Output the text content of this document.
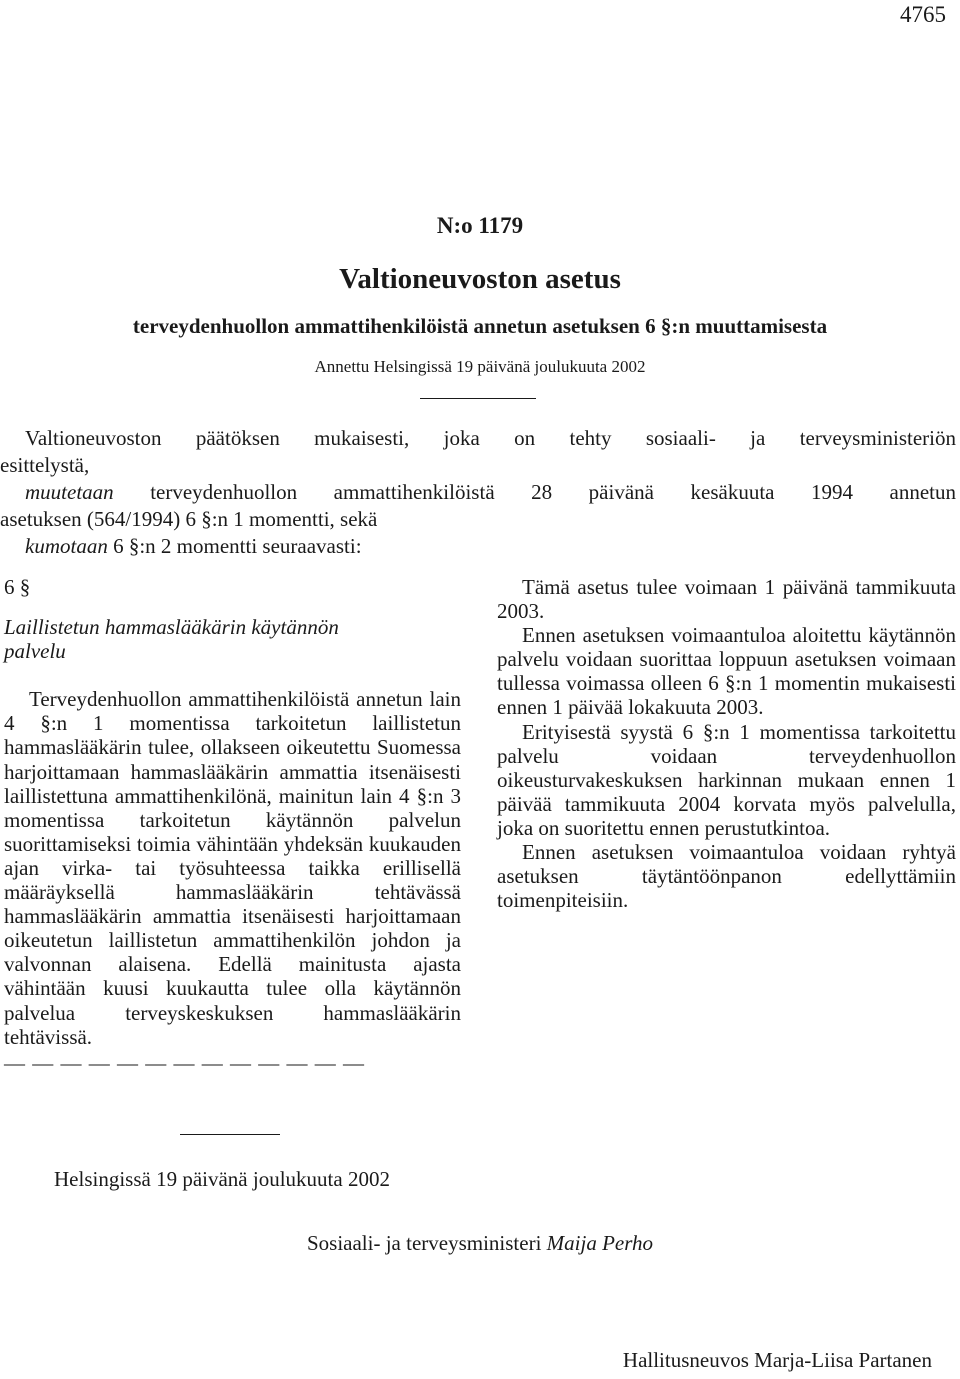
4765
N:o 1179
Valtioneuvoston asetus
terveydenhuollon ammattihenkilöistä annetun asetuksen 6 §:n muuttamisesta
Annettu Helsingissä 19 päivänä joulukuuta 2002

Valtioneuvoston päätöksen mukaisesti, joka on tehty sosiaali- ja terveysministeriön

esittelystä,

muutetaan terveydenhuollon ammattihenkilöistä 28 päivänä kesäkuuta 1994 annetun

asetuksen (564/1994) 6 §:n 1 momentti, sekä

kumotaan 6 §:n 2 momentti seuraavasti:

6 §

Laillistetun hammaslääkärin käytännön

palvelu

Terveydenhuollon ammattihenkilöistä annetun lain 4 §:n 1 momentissa tarkoitetun laillistetun hammaslääkärin tulee, ollakseen oikeutettu Suomessa harjoittamaan hammaslääkärin ammattia itsenäisesti laillistettuna ammattihenkilönä, mainitun lain 4 §:n 3 momentissa tarkoitetun käytännön palvelun suorittamiseksi toimia vähintään yhdeksän kuukauden ajan virka- tai työsuhteessa taikka erillisellä määräyksellä hammaslääkärin tehtävässä hammaslääkärin ammattia itsenäisesti harjoittamaan oikeutetun laillistetun ammattihenkilön johdon ja valvonnan alaisena. Edellä mainitusta ajasta vähintään kuusi kuukautta tulee olla käytännön palvelua terveyskeskuksen hammaslääkärin tehtävissä.

— — — — — — — — — — — — —

Tämä asetus tulee voimaan 1 päivänä tammikuuta 2003.

Ennen asetuksen voimaantuloa aloitettu käytännön palvelu voidaan suorittaa loppuun asetuksen voimaan tullessa voimassa olleen 6 §:n 1 momentin mukaisesti ennen 1 päivää lokakuuta 2003.

Erityisestä syystä 6 §:n 1 momentissa tarkoitettu palvelu voidaan terveydenhuollon oikeusturvakeskuksen harkinnan mukaan ennen 1 päivää tammikuuta 2004 korvata myös palvelulla, joka on suoritettu ennen perustutkintoa.

Ennen asetuksen voimaantuloa voidaan ryhtyä asetuksen täytäntöönpanon edellyttämiin toimenpiteisiin.

Helsingissä 19 päivänä joulukuuta 2002
Sosiaali- ja terveysministeri Maija Perho
Hallitusneuvos Marja-Liisa Partanen
